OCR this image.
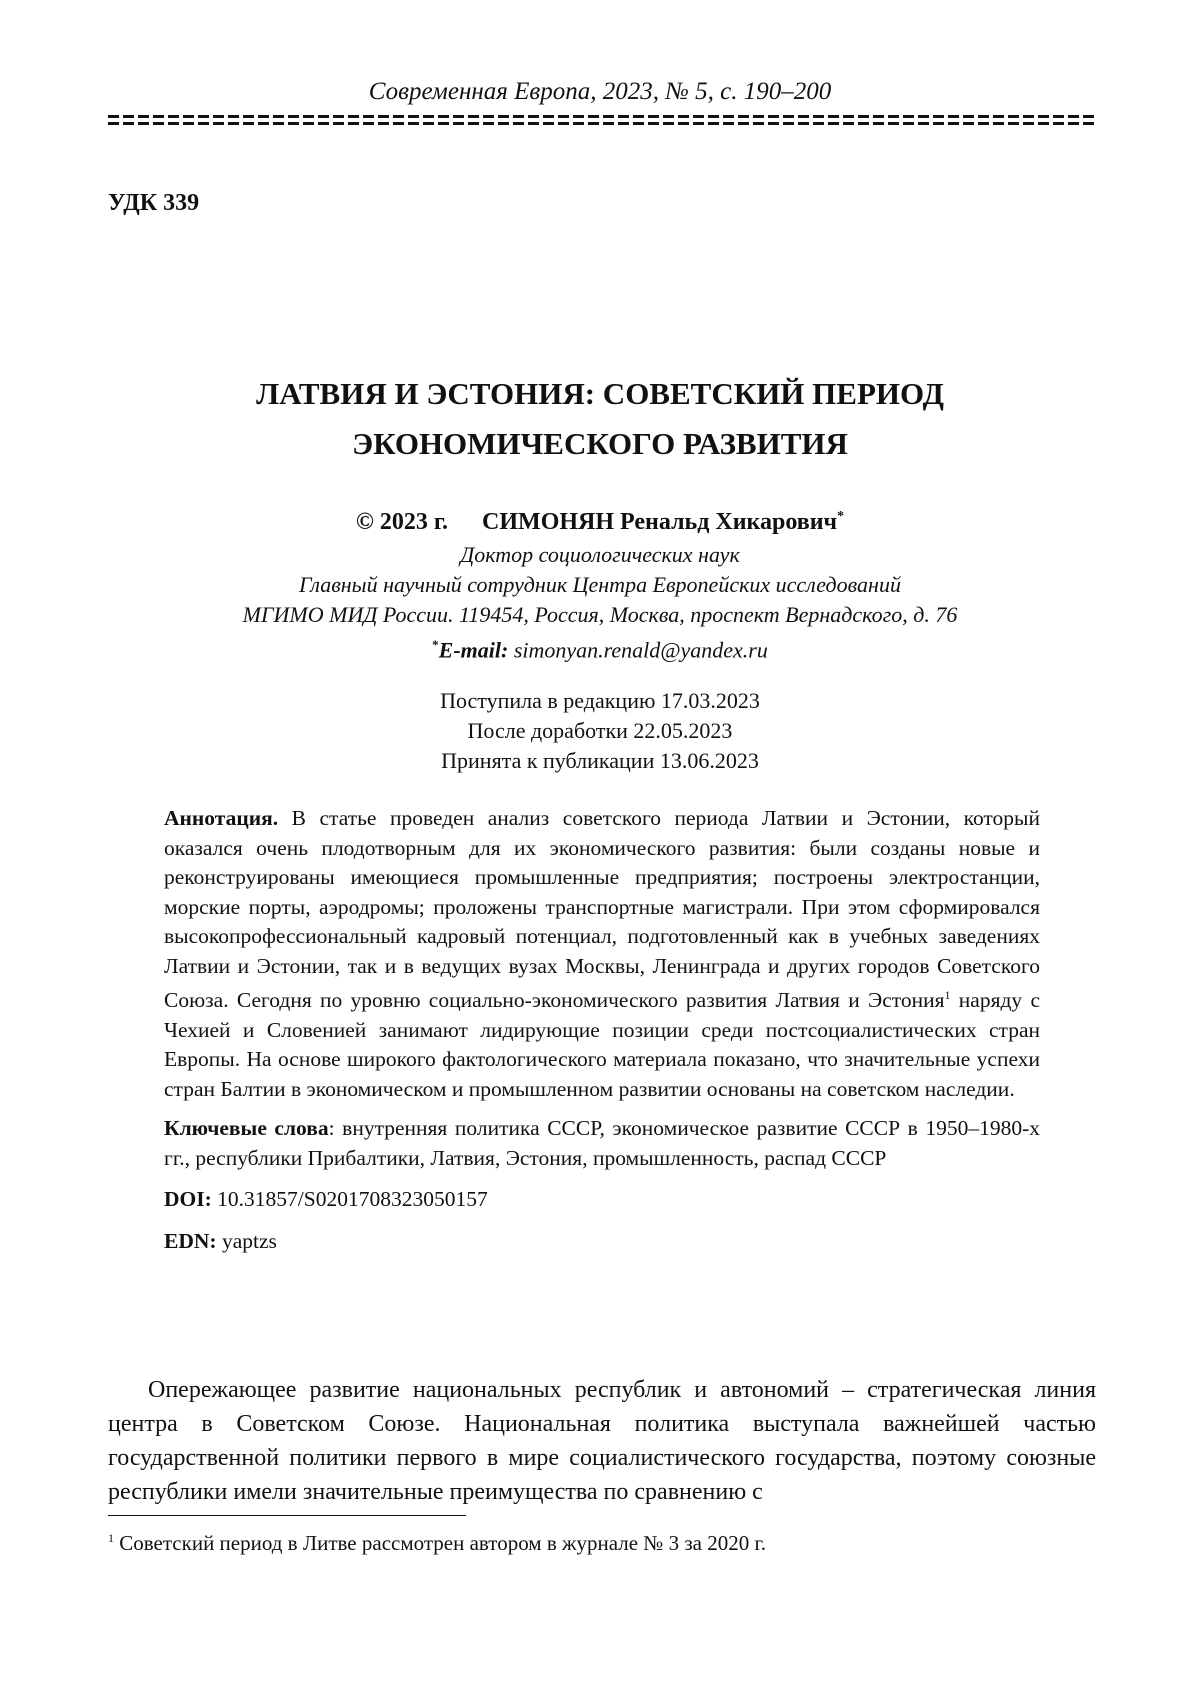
Современная Европа, 2023, № 5, с. 190–200
УДК 339
ЛАТВИЯ И ЭСТОНИЯ: СОВЕТСКИЙ ПЕРИОД
ЭКОНОМИЧЕСКОГО РАЗВИТИЯ
© 2023 г. СИМОНЯН Ренальд Хикарович*
Доктор социологических наук
Главный научный сотрудник Центра Европейских исследований
МГИМО МИД России. 119454, Россия, Москва, проспект Вернадского, д. 76
*E-mail: simonyan.renald@yandex.ru
Поступила в редакцию 17.03.2023
После доработки 22.05.2023
Принята к публикации 13.06.2023

Аннотация. В статье проведен анализ советского периода Латвии и Эстонии, который оказался очень плодотворным для их экономического развития: были созданы новые и реконструированы имеющиеся промышленные предприятия; построены электростанции, морские порты, аэродромы; проложены транспортные магистрали. При этом сформировался высокопрофессиональный кадровый потенциал, подготовленный как в учебных заведениях Латвии и Эстонии, так и в ведущих вузах Москвы, Ленинграда и других городов Советского Союза. Сегодня по уровню социально-экономического развития Латвия и Эстония$^1$ наряду с Чехией и Словенией занимают лидирующие позиции среди постсоциалистических стран Европы. На основе широкого фактологического материала показано, что значительные успехи стран Балтии в экономическом и промышленном развитии основаны на советском наследии.

Ключевые слова: внутренняя политика СССР, экономическое развитие СССР в 1950–1980-х гг., республики Прибалтики, Латвия, Эстония, промышленность, распад СССР

DOI: 10.31857/S0201708323050157

EDN: yaptzs

Опережающее развитие национальных республик и автономий – стратегическая линия центра в Советском Союзе. Национальная политика выступала важнейшей частью государственной политики первого в мире социалистического государства, поэтому союзные республики имели значительные преимущества по сравнению с

$^1$ Советский период в Литве рассмотрен автором в журнале № 3 за 2020 г.
